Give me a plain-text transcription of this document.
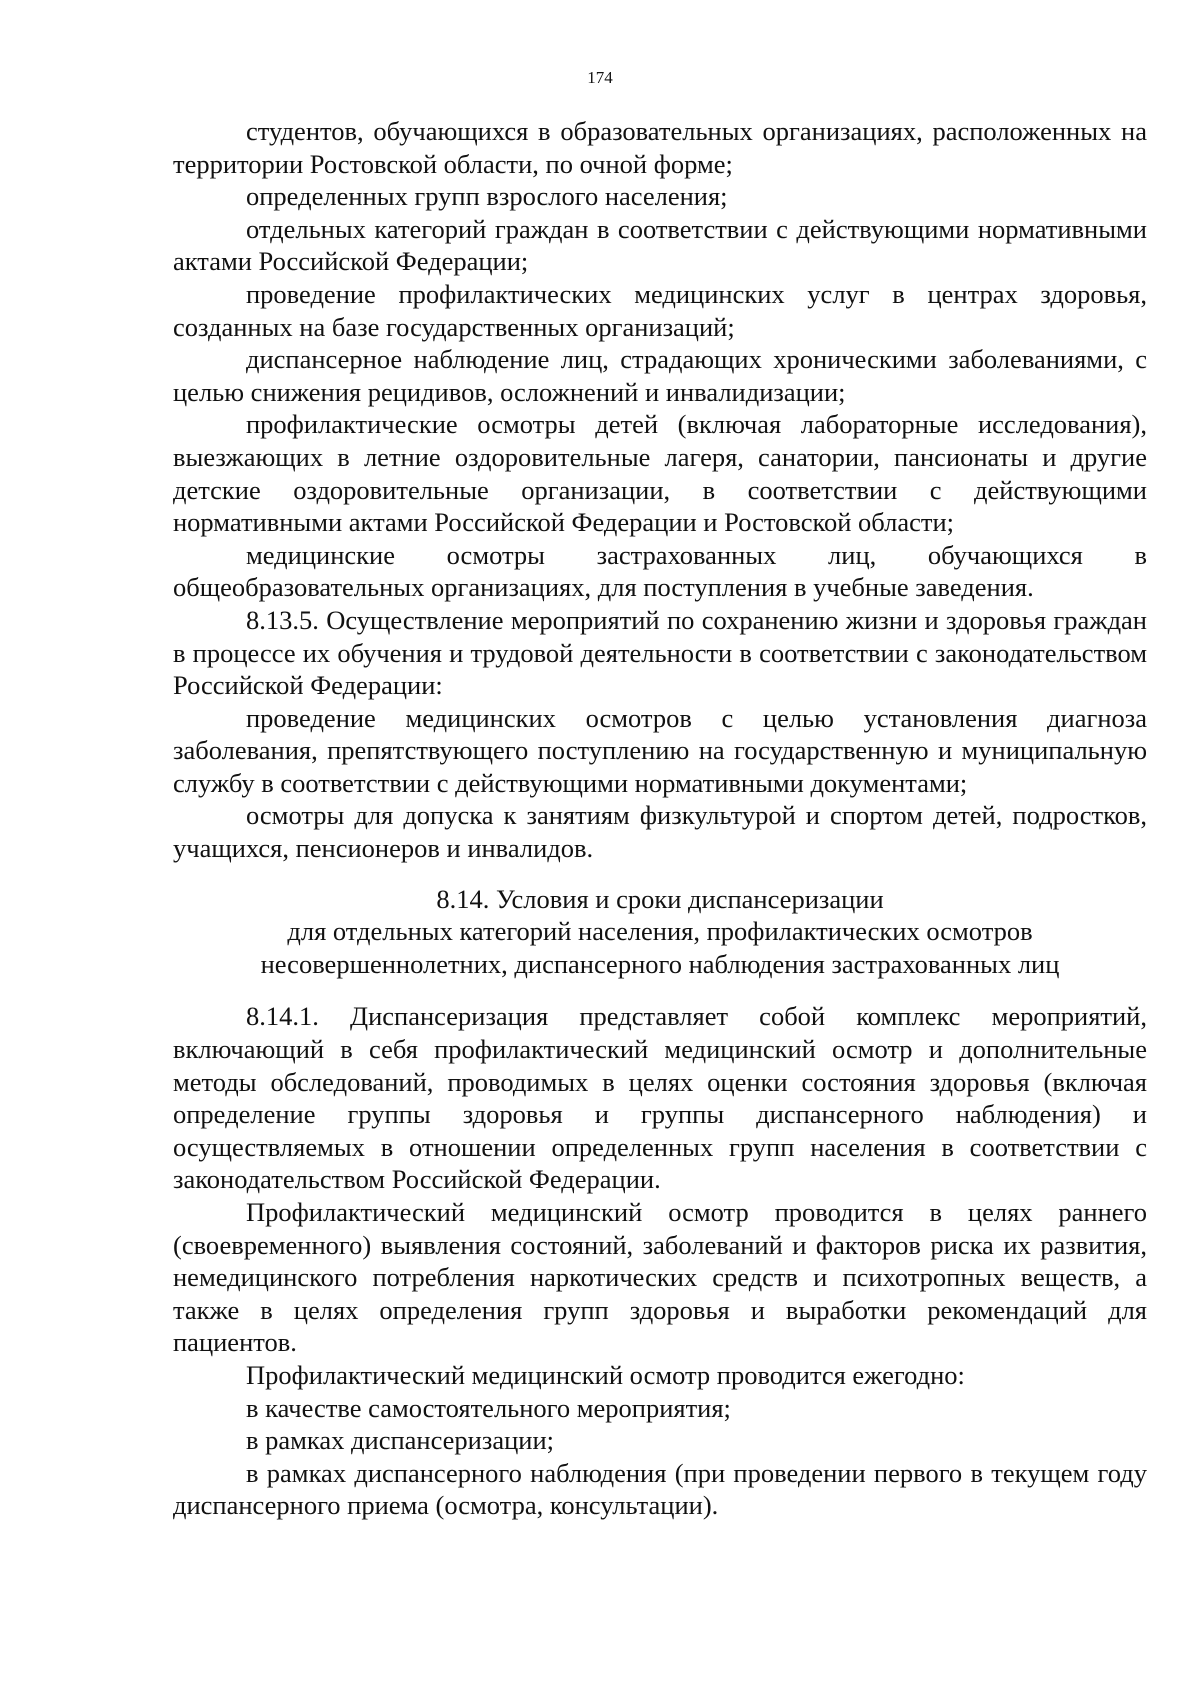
174

студентов, обучающихся в образовательных организациях, расположенных на территории Ростовской области, по очной форме;

определенных групп взрослого населения;

отдельных категорий граждан в соответствии с действующими нормативными актами Российской Федерации;

проведение профилактических медицинских услуг в центрах здоровья, созданных на базе государственных организаций;

диспансерное наблюдение лиц, страдающих хроническими заболеваниями, с целью снижения рецидивов, осложнений и инвалидизации;

профилактические осмотры детей (включая лабораторные исследования), выезжающих в летние оздоровительные лагеря, санатории, пансионаты и другие детские оздоровительные организации, в соответствии с действующими нормативными актами Российской Федерации и Ростовской области;

медицинские осмотры застрахованных лиц, обучающихся в общеобразовательных организациях, для поступления в учебные заведения.

8.13.5. Осуществление мероприятий по сохранению жизни и здоровья граждан в процессе их обучения и трудовой деятельности в соответствии с законодательством Российской Федерации:

проведение медицинских осмотров с целью установления диагноза заболевания, препятствующего поступлению на государственную и муниципальную службу в соответствии с действующими нормативными документами;

осмотры для допуска к занятиям физкультурой и спортом детей, подростков, учащихся, пенсионеров и инвалидов.

8.14. Условия и сроки диспансеризации

для отдельных категорий населения, профилактических осмотров

несовершеннолетних, диспансерного наблюдения застрахованных лиц

8.14.1. Диспансеризация представляет собой комплекс мероприятий, включающий в себя профилактический медицинский осмотр и дополнительные методы обследований, проводимых в целях оценки состояния здоровья (включая определение группы здоровья и группы диспансерного наблюдения) и осуществляемых в отношении определенных групп населения в соответствии с законодательством Российской Федерации.

Профилактический медицинский осмотр проводится в целях раннего (своевременного) выявления состояний, заболеваний и факторов риска их развития, немедицинского потребления наркотических средств и психотропных веществ, а также в целях определения групп здоровья и выработки рекомендаций для пациентов.

Профилактический медицинский осмотр проводится ежегодно:

в качестве самостоятельного мероприятия;

в рамках диспансеризации;

в рамках диспансерного наблюдения (при проведении первого в текущем году диспансерного приема (осмотра, консультации).
